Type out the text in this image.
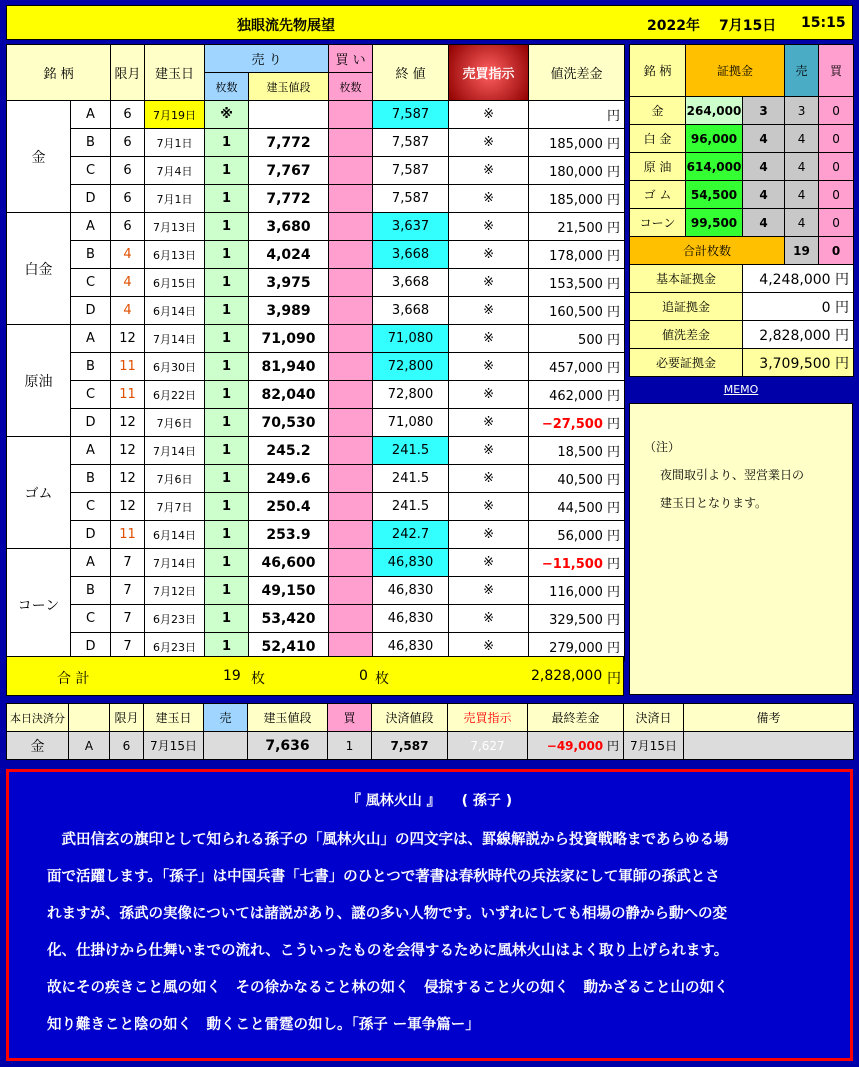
独眼流先物展望	2022年 7月15日 15:15
銘 柄		限月	建玉日	売 り		買 い	終 値	売買指示	値洗差金
				枚数	建玉値段	枚数			
金	A	6	7月19日	※			7,587	※	円
	B	6	7月1日	1	7,772		7,587	※	185,000 円
	C	6	7月4日	1	7,767		7,587	※	180,000 円
	D	6	7月1日	1	7,772		7,587	※	185,000 円
白金	A	6	7月13日	1	3,680		3,637	※	21,500 円
	B	4	6月13日	1	4,024		3,668	※	178,000 円
	C	4	6月15日	1	3,975		3,668	※	153,500 円
	D	4	6月14日	1	3,989		3,668	※	160,500 円
原油	A	12	7月14日	1	71,090		71,080	※	500 円
	B	11	6月30日	1	81,940		72,800	※	457,000 円
	C	11	6月22日	1	82,040		72,800	※	462,000 円
	D	12	7月6日	1	70,530		71,080	※	−27,500 円
ゴム	A	12	7月14日	1	245.2		241.5	※	18,500 円
	B	12	7月6日	1	249.6		241.5	※	40,500 円
	C	12	7月7日	1	250.4		241.5	※	44,500 円
	D	11	6月14日	1	253.9		242.7	※	56,000 円
コーン	A	7	7月14日	1	46,600		46,830	※	−11,500 円
	B	7	7月12日	1	49,150		46,830	※	116,000 円
	C	7	6月23日	1	53,420		46,830	※	329,500 円
	D	7	6月23日	1	52,410		46,830	※	279,000 円
合 計	19 枚	0 枚	2,828,000 円
銘 柄	証拠金		売	買
金	264,000	3	3	0
白 金	96,000	4	4	0
原 油	614,000	4	4	0
ゴ ム	54,500	4	4	0
コーン	99,500	4	4	0
合計枚数			19	0
基本証拠金		4,248,000 円		
追証拠金		0 円		
値洗差金		2,828,000 円		
必要証拠金		3,709,500 円		
MEMO
（注）
夜間取引より、翌営業日の
建玉日となります。
本日決済分		限月	建玉日	売	建玉値段	買	決済値段	売買指示	最終差金	決済日	備考
金	A	6	7月15日		7,636	1	7,587	7,627	−49,000 円	7月15日	
『 風林火山 』　　( 孫子 )
　武田信玄の旗印として知られる孫子の「風林火山」の四文字は、罫線解説から投資戦略まであらゆる場
面で活躍します。「孫子」は中国兵書「七書」のひとつで著書は春秋時代の兵法家にして軍師の孫武とさ
れますが、孫武の実像については諸説があり、謎の多い人物です。いずれにしても相場の静から動への変
化、仕掛けから仕舞いまでの流れ、こういったものを会得するために風林火山はよく取り上げられます。
故にその疾きこと風の如く　その徐かなること林の如く　侵掠すること火の如く　動かざること山の如く
知り難きこと陰の如く　動くこと雷霆の如し。「孫子 ー軍争篇ー」
